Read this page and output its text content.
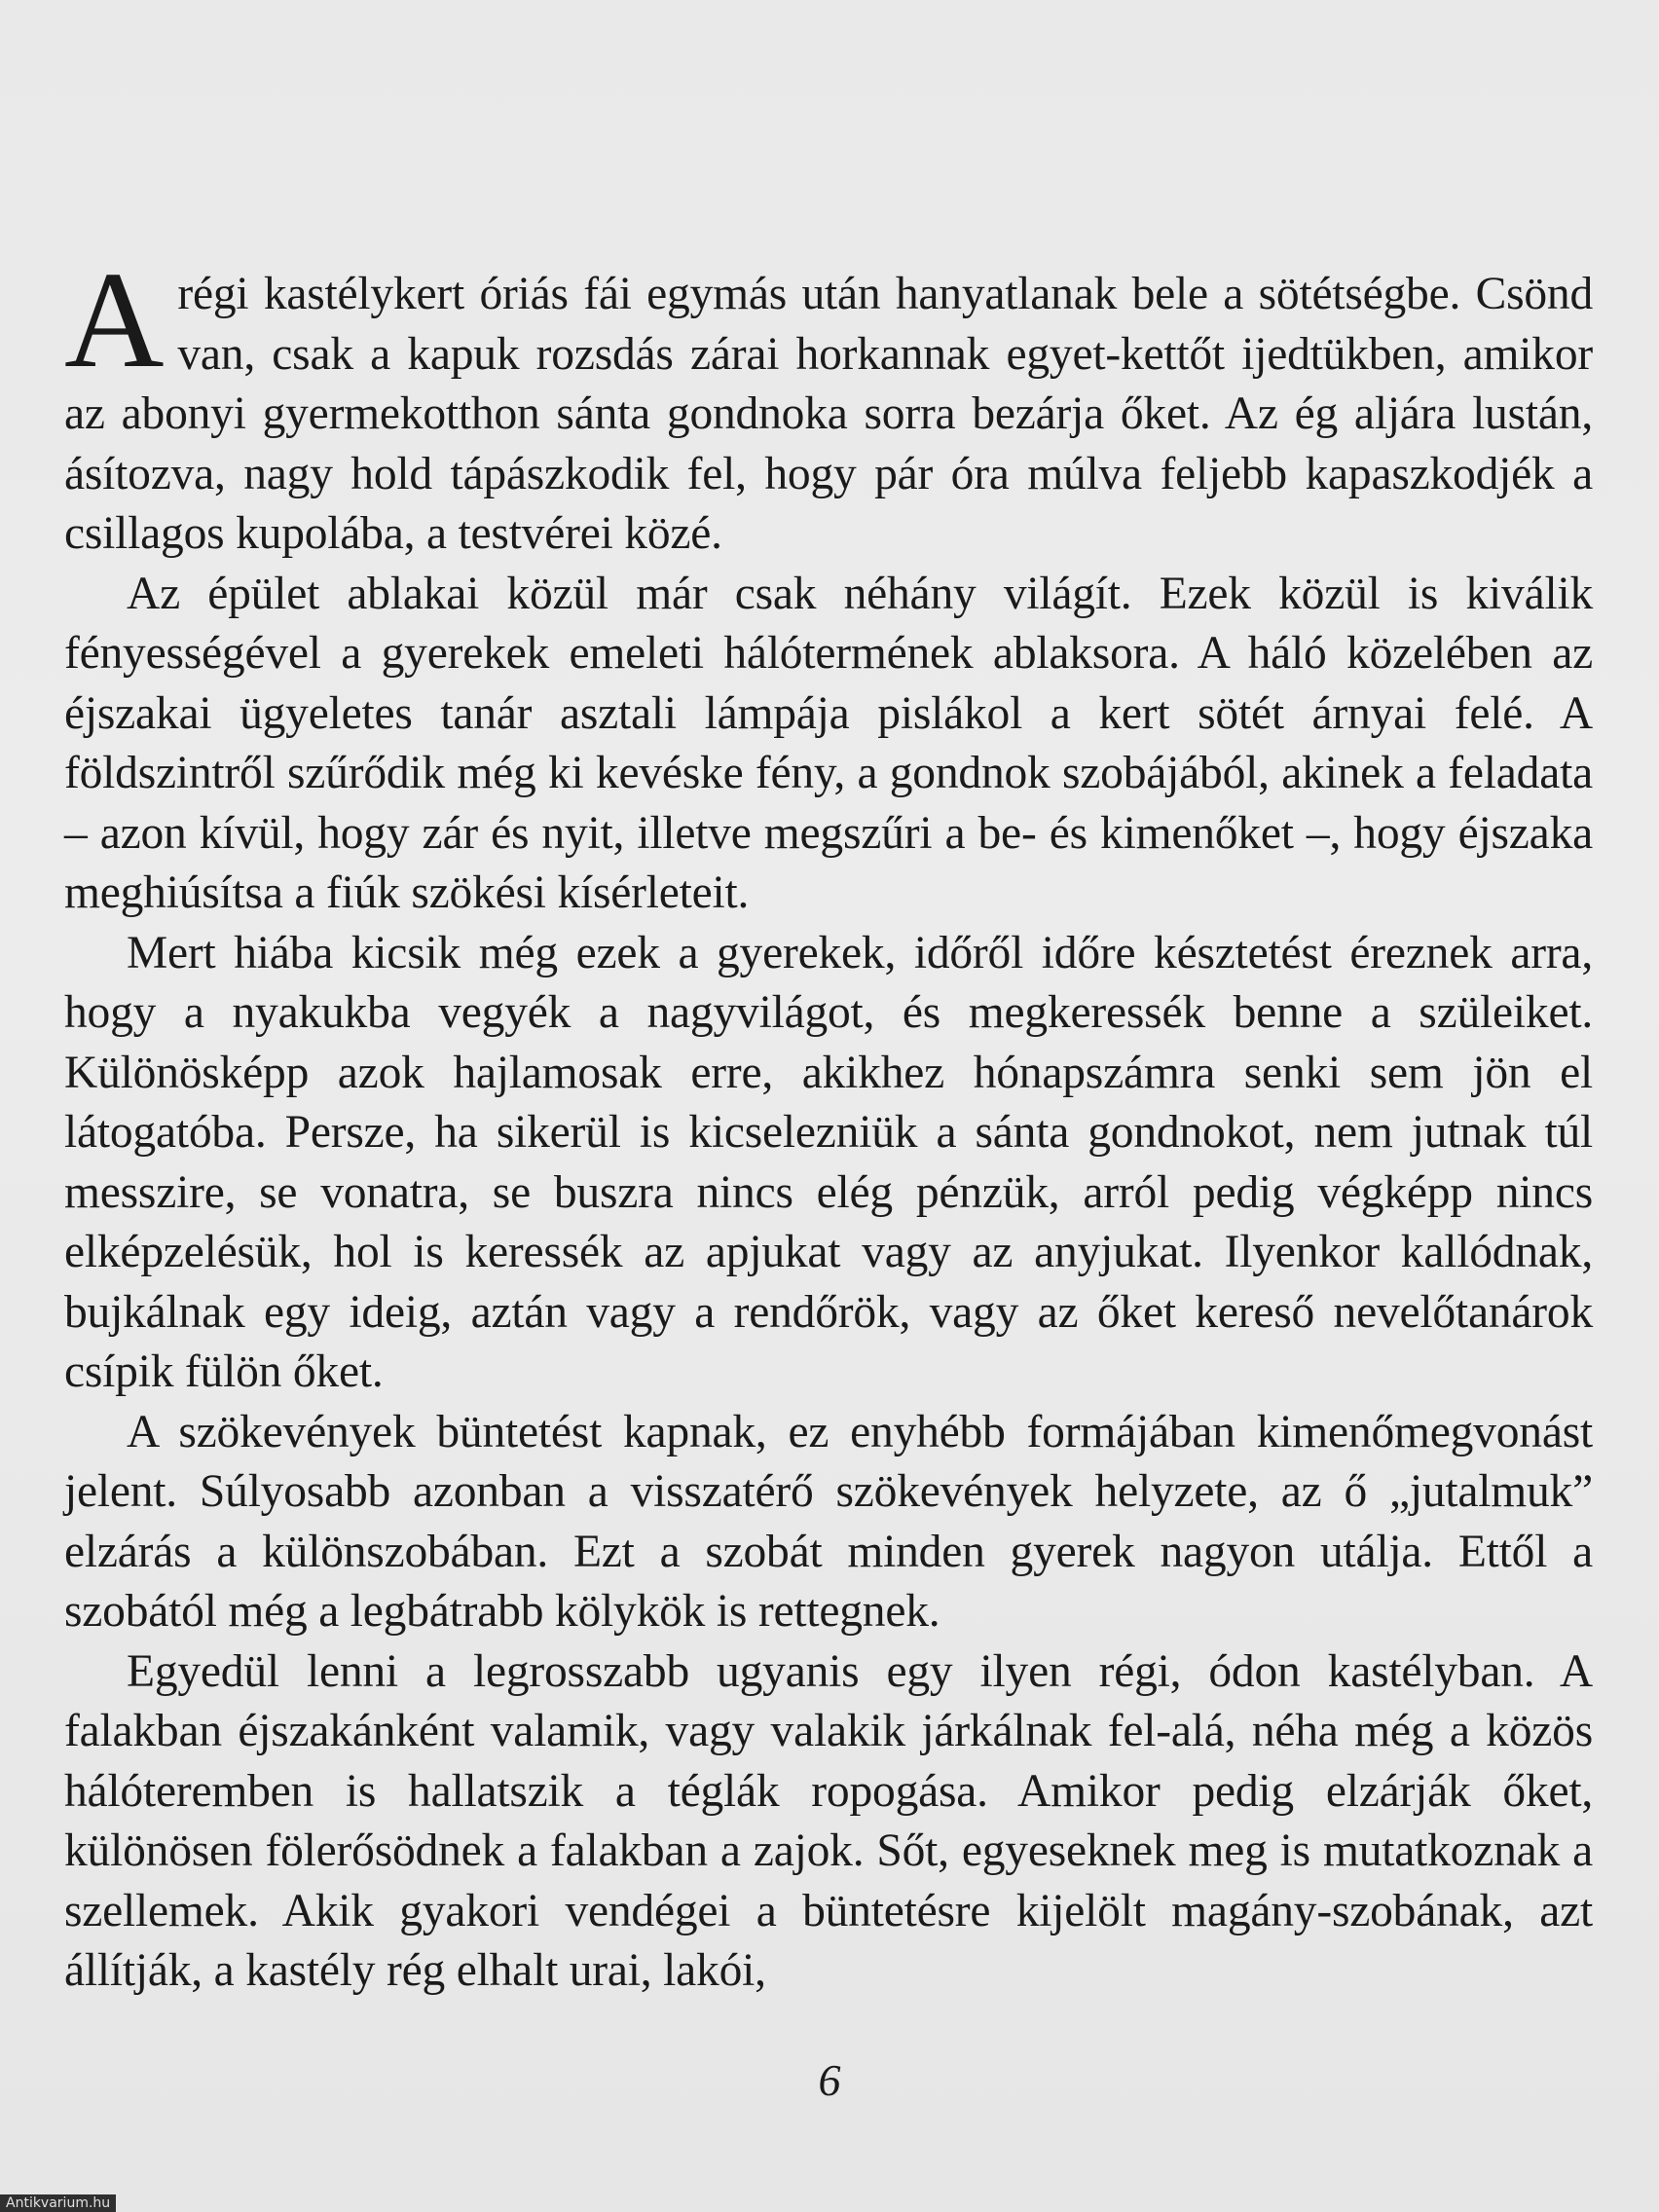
A régi kastélykert óriás fái egymás után hanyatlanak bele a sötétségbe. Csönd van, csak a kapuk rozsdás zárai horkannak egyet-kettőt ijedtükben, amikor az abonyi gyermekotthon sánta gondnoka sorra bezárja őket. Az ég aljára lustán, ásítozva, nagy hold tápászkodik fel, hogy pár óra múlva feljebb kapaszkodjék a csillagos kupolába, a testvérei közé.

Az épület ablakai közül már csak néhány világít. Ezek közül is kiválik fényességével a gyerekek emeleti hálótermének ablaksora. A háló közelében az éjszakai ügyeletes tanár asztali lámpája pislákol a kert sötét árnyai felé. A földszintről szűrődik még ki kevéske fény, a gondnok szobájából, akinek a feladata – azon kívül, hogy zár és nyit, illetve megszűri a be- és kimenőket –, hogy éjszaka meghiúsítsa a fiúk szökési kísérleteit.

Mert hiába kicsik még ezek a gyerekek, időről időre késztetést éreznek arra, hogy a nyakukba vegyék a nagyvilágot, és megkeressék benne a szüleiket. Különösképp azok hajlamosak erre, akikhez hónapszámra senki sem jön el látogatóba. Persze, ha sikerül is kicselezniük a sánta gondnokot, nem jutnak túl messzire, se vonatra, se buszra nincs elég pénzük, arról pedig végképp nincs elképzelésük, hol is keressék az apjukat vagy az anyjukat. Ilyenkor kallódnak, bujkálnak egy ideig, aztán vagy a rendőrök, vagy az őket kereső nevelőtanárok csípik fülön őket.

A szökevények büntetést kapnak, ez enyhébb formájában kimenőmegvonást jelent. Súlyosabb azonban a visszatérő szökevények helyzete, az ő „jutalmuk” elzárás a különszobában. Ezt a szobát minden gyerek nagyon utálja. Ettől a szobától még a legbátrabb kölykök is rettegnek.

Egyedül lenni a legrosszabb ugyanis egy ilyen régi, ódon kastélyban. A falakban éjszakánként valamik, vagy valakik járkálnak fel-alá, néha még a közös hálóteremben is hallatszik a téglák ropogása. Amikor pedig elzárják őket, különösen fölerősödnek a falakban a zajok. Sőt, egyeseknek meg is mutatkoznak a szellemek. Akik gyakori vendégei a büntetésre kijelölt magány-szobának, azt állítják, a kastély rég elhalt urai, lakói,

6
Antikvarium.hu
